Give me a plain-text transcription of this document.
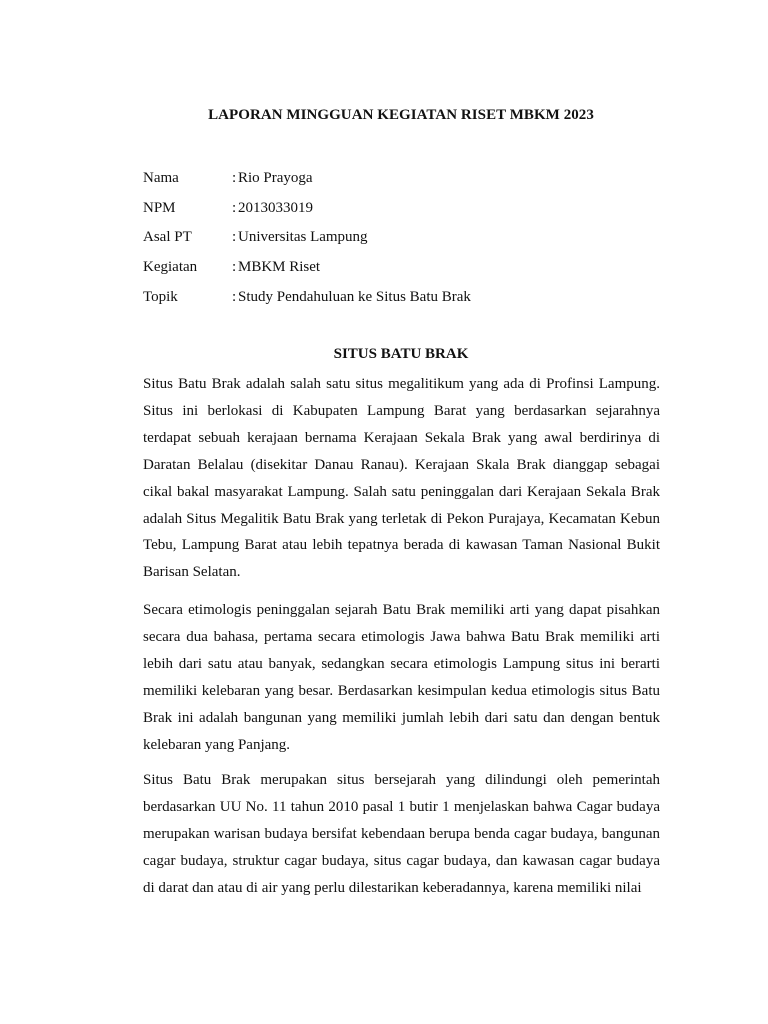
LAPORAN MINGGUAN KEGIATAN RISET MBKM 2023
Nama	: Rio Prayoga
NPM	: 2013033019
Asal PT	: Universitas Lampung
Kegiatan	: MBKM Riset
Topik	: Study Pendahuluan ke Situs Batu Brak
SITUS BATU BRAK

Situs Batu Brak adalah salah satu situs megalitikum yang ada di Profinsi Lampung. Situs ini berlokasi di Kabupaten Lampung Barat yang berdasarkan sejarahnya terdapat sebuah kerajaan bernama Kerajaan Sekala Brak yang awal berdirinya di Daratan Belalau (disekitar Danau Ranau). Kerajaan Skala Brak dianggap sebagai cikal bakal masyarakat Lampung. Salah satu peninggalan dari Kerajaan Sekala Brak adalah Situs Megalitik Batu Brak yang terletak di Pekon Purajaya, Kecamatan Kebun Tebu, Lampung Barat atau lebih tepatnya berada di kawasan Taman Nasional Bukit Barisan Selatan.

Secara etimologis peninggalan sejarah Batu Brak memiliki arti yang dapat pisahkan secara dua bahasa, pertama secara etimologis Jawa bahwa Batu Brak memiliki arti lebih dari satu atau banyak, sedangkan secara etimologis Lampung situs ini berarti memiliki kelebaran yang besar. Berdasarkan kesimpulan kedua etimologis situs Batu Brak ini adalah bangunan yang memiliki jumlah lebih dari satu dan dengan bentuk kelebaran yang Panjang.

Situs Batu Brak merupakan situs bersejarah yang dilindungi oleh pemerintah berdasarkan UU No. 11 tahun 2010 pasal 1 butir 1 menjelaskan bahwa Cagar budaya merupakan warisan budaya bersifat kebendaan berupa benda cagar budaya, bangunan cagar budaya, struktur cagar budaya, situs cagar budaya, dan kawasan cagar budaya di darat dan atau di air yang perlu dilestarikan keberadannya, karena memiliki nilai
